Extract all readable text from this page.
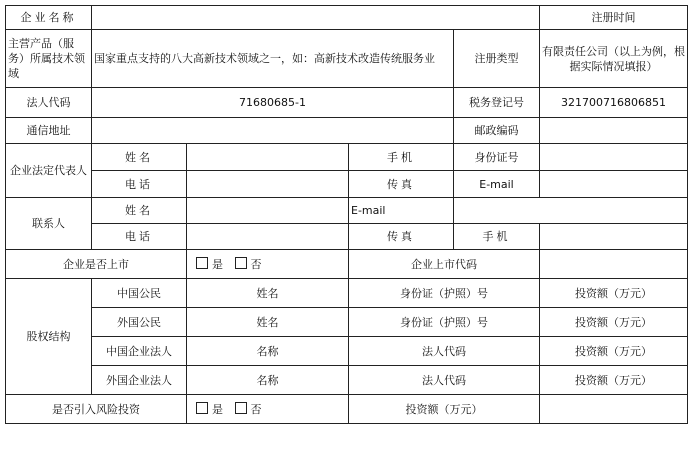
企业名称					注册时间
主营产品（服务）所属技术领域	国家重点支持的八大高新技术领域之一，如：高新技术改造传统服务业			注册类型	有限责任公司（以上为例，根据实际情况填报）
法人代码	71680685-1			税务登记号	321700716806851
通信地址				邮政编码	
企业法定代表人	姓名		手机	身份证号	
	电话		传真	E-mail	
联系人	姓名		E-mail		
	电话		传真	手机	
企业是否上市		是 否	企业上市代码		
股权结构	中国公民	姓名	身份证（护照）号		投资额（万元）
	外国公民	姓名	身份证（护照）号		投资额（万元）
	中国企业法人	名称	法人代码		投资额（万元）
	外国企业法人	名称	法人代码		投资额（万元）
是否引入风险投资		是 否	投资额（万元）		
